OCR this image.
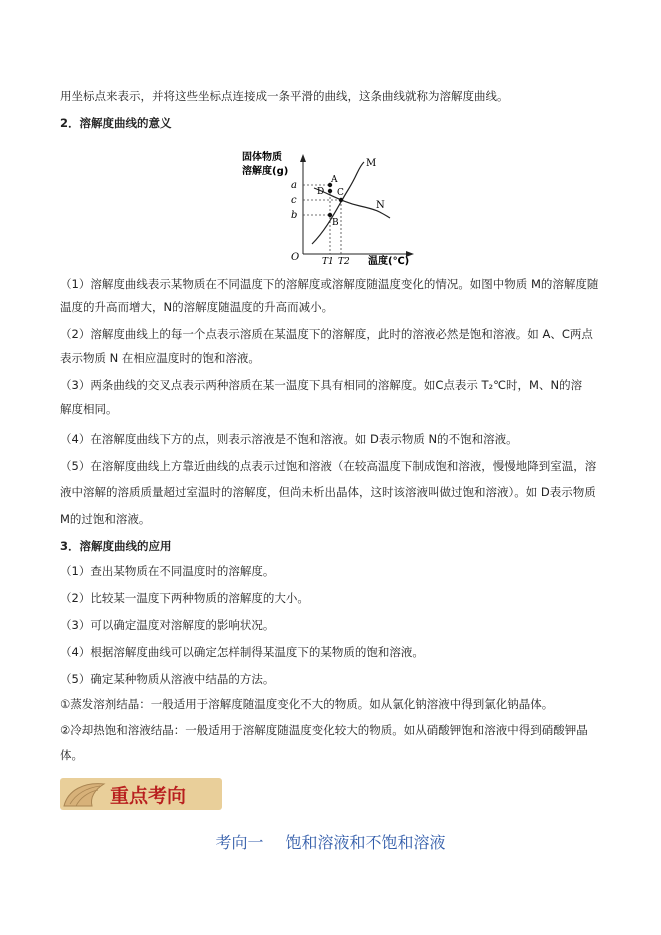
用坐标点来表示，并将这些坐标点连接成一条平滑的曲线，这条曲线就称为溶解度曲线。
2．溶解度曲线的意义
固体物质
溶解度(g)
a
c
b
M
N
A
D C
B
O	T1 T2 温度(℃)
（1）溶解度曲线表示某物质在不同温度下的溶解度或溶解度随温度变化的情况。如图中物质 M的溶解度随
温度的升高而增大，N的溶解度随温度的升高而减小。
（2）溶解度曲线上的每一个点表示溶质在某温度下的溶解度，此时的溶液必然是饱和溶液。如 A、C两点
表示物质 N 在相应温度时的饱和溶液。
（3）两条曲线的交叉点表示两种溶质在某一温度下具有相同的溶解度。如C点表示 T₂℃时，M、N的溶
解度相同。
（4）在溶解度曲线下方的点，则表示溶液是不饱和溶液。如 D表示物质 N的不饱和溶液。
（5）在溶解度曲线上方靠近曲线的点表示过饱和溶液（在较高温度下制成饱和溶液，慢慢地降到室温，溶
液中溶解的溶质质量超过室温时的溶解度，但尚未析出晶体，这时该溶液叫做过饱和溶液）。如 D表示物质
M的过饱和溶液。
3．溶解度曲线的应用
（1）查出某物质在不同温度时的溶解度。
（2）比较某一温度下两种物质的溶解度的大小。
（3）可以确定温度对溶解度的影响状况。
（4）根据溶解度曲线可以确定怎样制得某温度下的某物质的饱和溶液。
（5）确定某种物质从溶液中结晶的方法。
①蒸发溶剂结晶：一般适用于溶解度随温度变化不大的物质。如从氯化钠溶液中得到氯化钠晶体。
②冷却热饱和溶液结晶：一般适用于溶解度随温度变化较大的物质。如从硝酸钾饱和溶液中得到硝酸钾晶
体。
重点考向
考向一 饱和溶液和不饱和溶液
